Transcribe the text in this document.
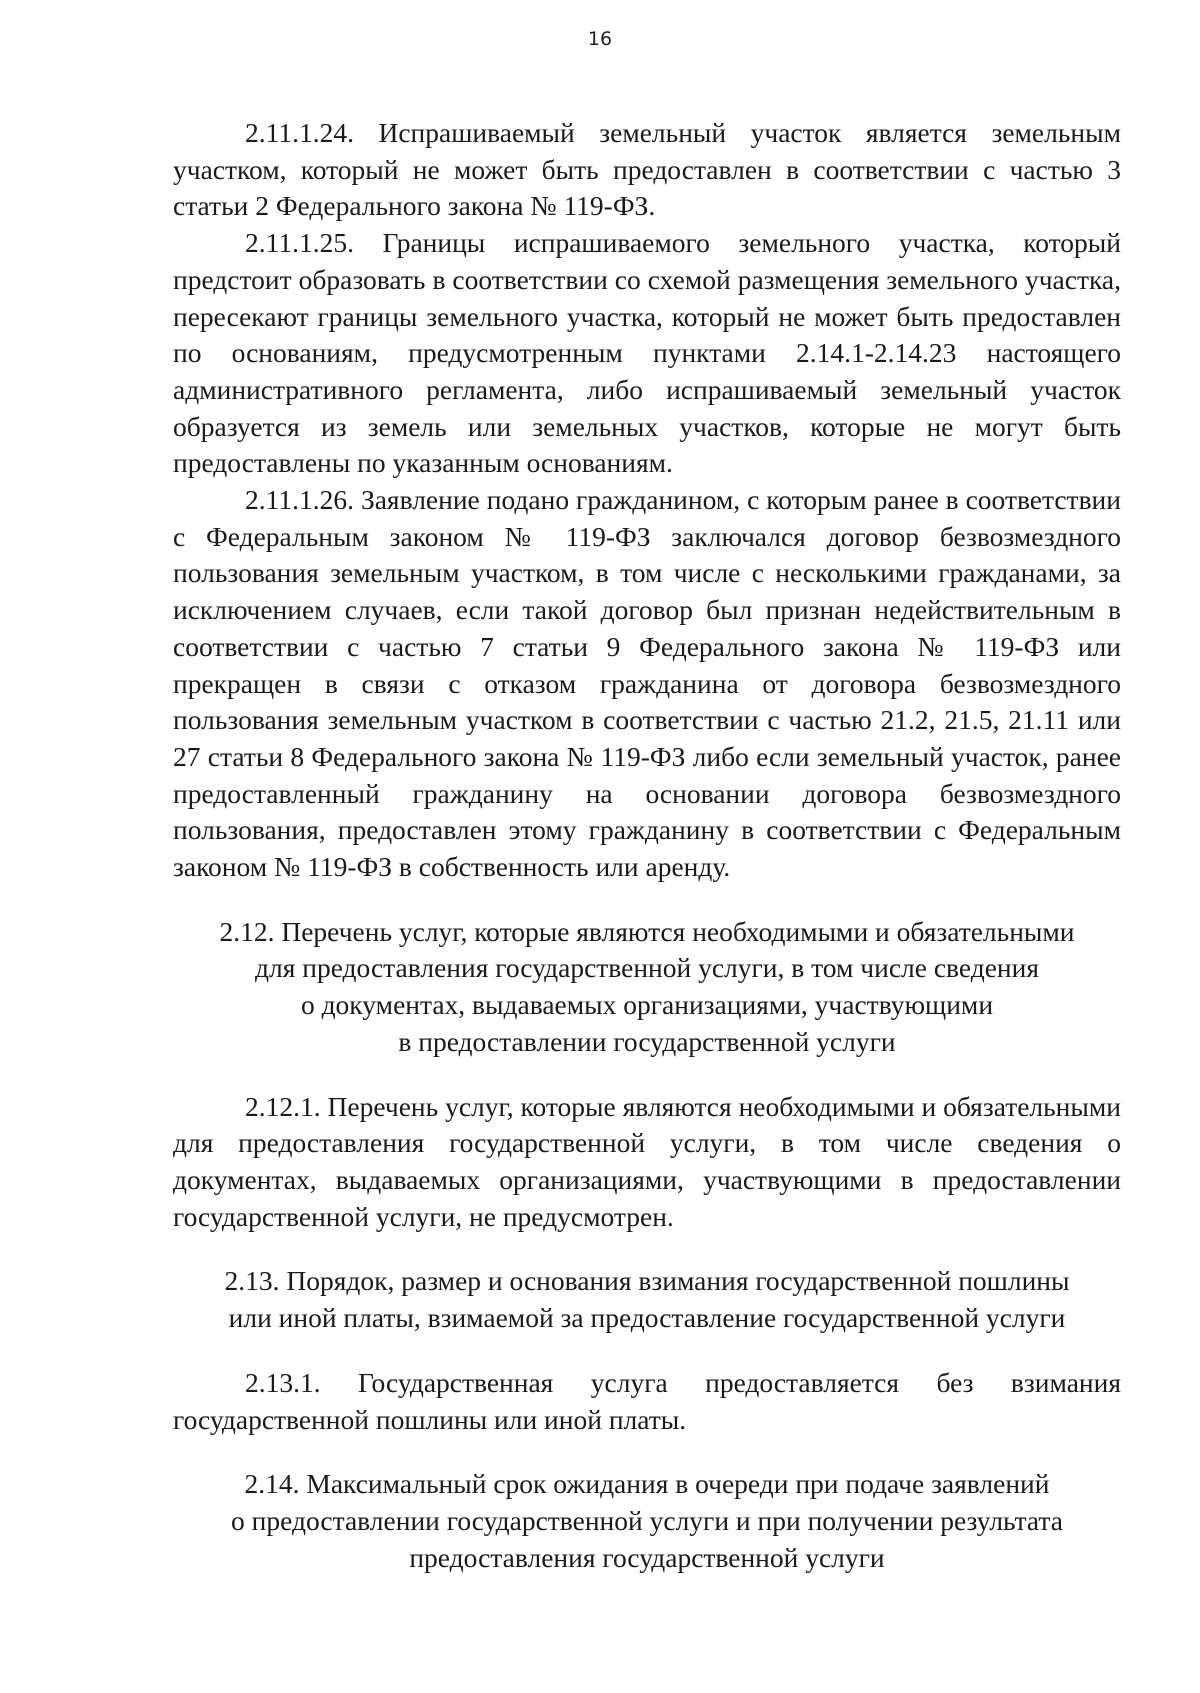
16

2.11.1.24. Испрашиваемый земельный участок является земельным участком, который не может быть предоставлен в соответствии с частью 3 статьи 2 Федерального закона № 119-ФЗ.

2.11.1.25. Границы испрашиваемого земельного участка, который предстоит образовать в соответствии со схемой размещения земельного участка, пересекают границы земельного участка, который не может быть предоставлен по основаниям, предусмотренным пунктами 2.14.1-2.14.23 настоящего административного регламента, либо испрашиваемый земельный участок образуется из земель или земельных участков, которые не могут быть предоставлены по указанным основаниям.

2.11.1.26. Заявление подано гражданином, с которым ранее в соответствии с Федеральным законом № 119-ФЗ заключался договор безвозмездного пользования земельным участком, в том числе с несколькими гражданами, за исключением случаев, если такой договор был признан недействительным в соответствии с частью 7 статьи 9 Федерального закона № 119-ФЗ или прекращен в связи с отказом гражданина от договора безвозмездного пользования земельным участком в соответствии с частью 21.2, 21.5, 21.11 или 27 статьи 8 Федерального закона № 119-ФЗ либо если земельный участок, ранее предоставленный гражданину на основании договора безвозмездного пользования, предоставлен этому гражданину в соответствии с Федеральным законом № 119-ФЗ в собственность или аренду.

2.12. Перечень услуг, которые являются необходимыми и обязательными
для предоставления государственной услуги, в том числе сведения
о документах, выдаваемых организациями, участвующими
в предоставлении государственной услуги

2.12.1. Перечень услуг, которые являются необходимыми и обязательными для предоставления государственной услуги, в том числе сведения о документах, выдаваемых организациями, участвующими в предоставлении государственной услуги, не предусмотрен.

2.13. Порядок, размер и основания взимания государственной пошлины
или иной платы, взимаемой за предоставление государственной услуги

2.13.1. Государственная услуга предоставляется без взимания государственной пошлины или иной платы.

2.14. Максимальный срок ожидания в очереди при подаче заявлений
о предоставлении государственной услуги и при получении результата
предоставления государственной услуги
